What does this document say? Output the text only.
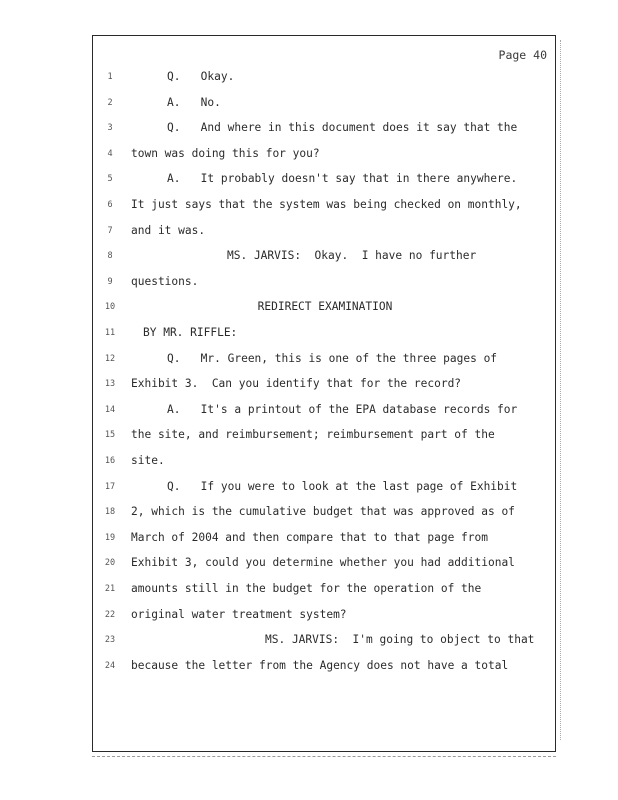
Page 40
1	Q.   Okay.
2	A.   No.
3	Q.   And where in this document does it say that the
4	town was doing this for you?
5	A.   It probably doesn't say that in there anywhere.
6	It just says that the system was being checked on monthly,
7	and it was.
8	MS. JARVIS:  Okay.  I have no further
9	questions.
10	REDIRECT EXAMINATION
11 BY MR. RIFFLE:
12	Q.   Mr. Green, this is one of the three pages of
13 Exhibit 3.  Can you identify that for the record?
14	A.   It's a printout of the EPA database records for
15 the site, and reimbursement; reimbursement part of the
16 site.
17	Q.   If you were to look at the last page of Exhibit
18 2, which is the cumulative budget that was approved as of
19 March of 2004 and then compare that to that page from
20 Exhibit 3, could you determine whether you had additional
21 amounts still in the budget for the operation of the
22 original water treatment system?
23	MS. JARVIS:  I'm going to object to that
24 because the letter from the Agency does not have a total
